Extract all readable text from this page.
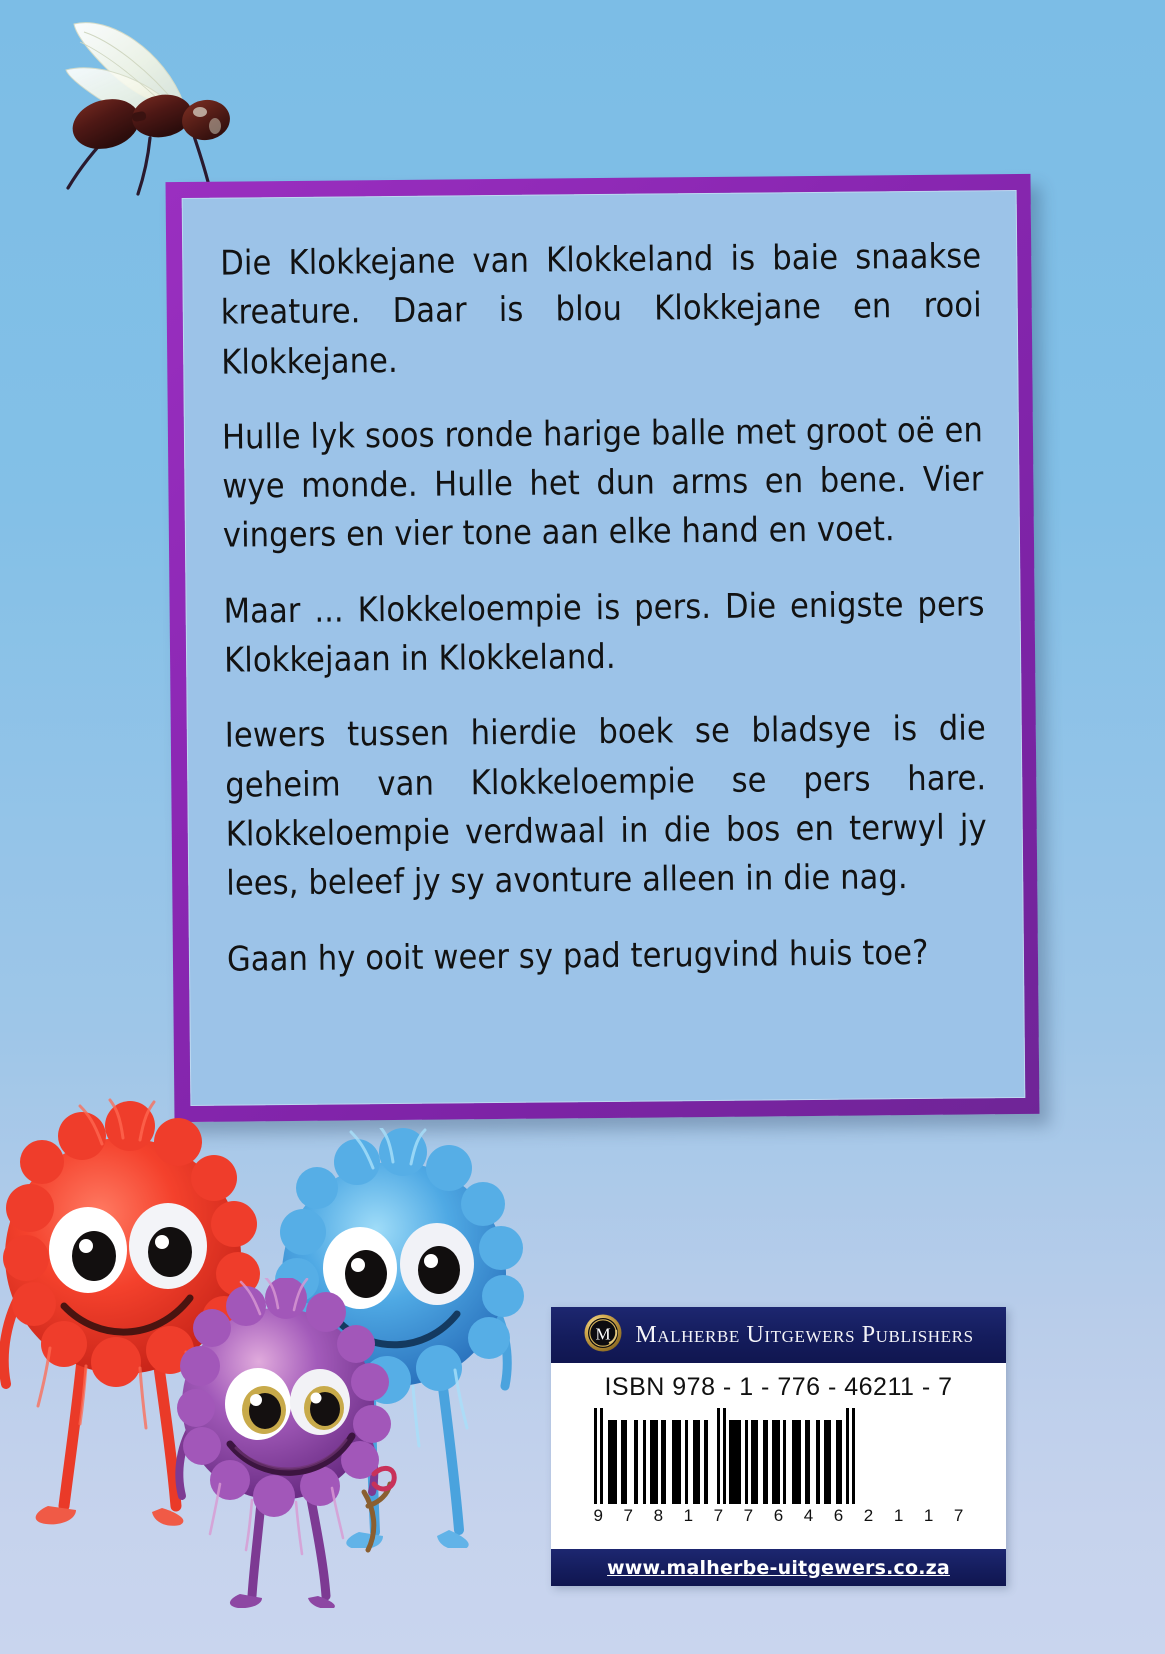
Die Klokkejane van Klokkeland is baie snaakse kreature. Daar is blou Klokkejane en rooi Klokkejane.

Hulle lyk soos ronde harige balle met groot oë en wye monde. Hulle het dun arms en bene. Vier vingers en vier tone aan elke hand en voet.

Maar ... Klokkeloempie is pers. Die enigste pers Klokkejaan in Klokkeland.

Iewers tussen hierdie boek se bladsye is die geheim van Klokkeloempie se pers hare. Klokkeloempie verdwaal in die bos en terwyl jy lees, beleef jy sy avonture alleen in die nag.

Gaan hy ooit weer sy pad terugvind huis toe?

M Malherbe Uitgewers Publishers
ISBN 978 - 1 - 776 - 46211 - 7
9 7 8 1 7 7 6 4 6 2 1 1 7
www.malherbe-uitgewers.co.za
